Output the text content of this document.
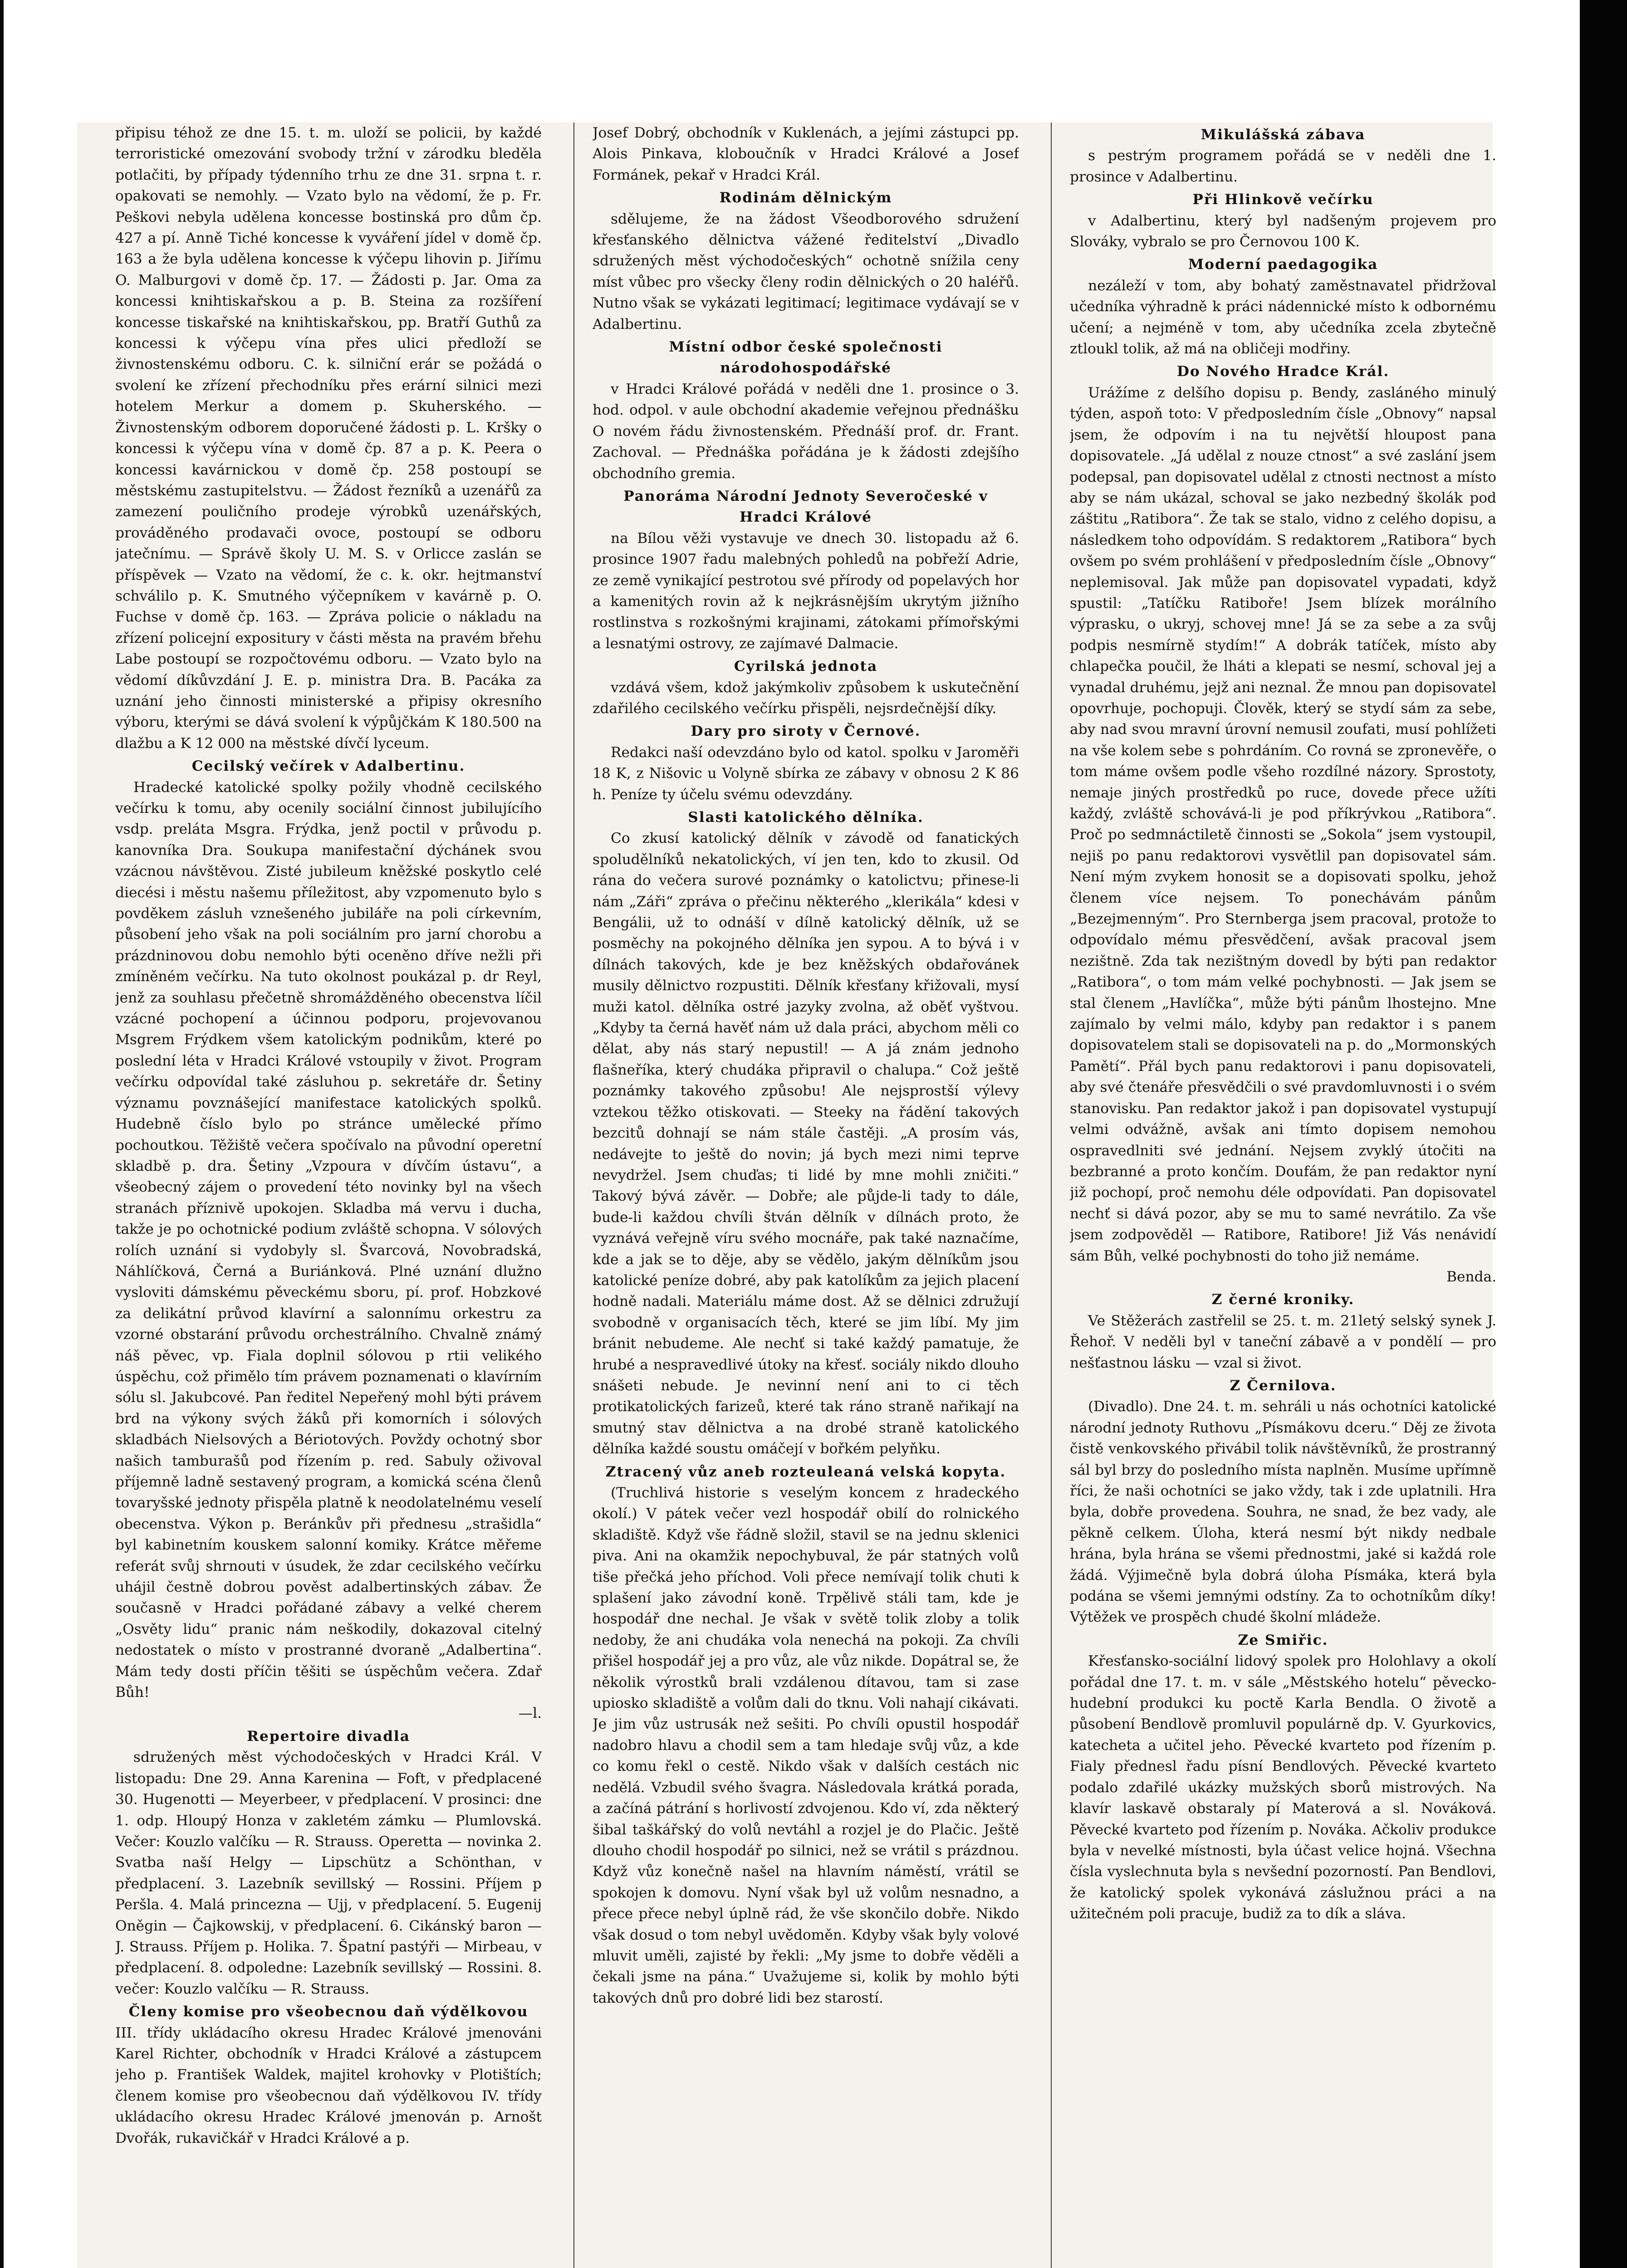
připisu téhož ze dne 15. t. m. uloží se policii, by každé terroristické omezování svobody tržní v zárodku bleděla potlačiti, by případy týdenního trhu ze dne 31. srpna t. r. opakovati se nemohly. — Vzato bylo na vědomí, že p. Fr. Peškovi nebyla udělena koncesse bostinská pro dům čp. 427 a pí. Anně Tiché koncesse k vyváření jídel v domě čp. 163 a že byla udělena koncesse k výčepu lihovin p. Jiřímu O. Malburgovi v domě čp. 17. — Žádosti p. Jar. Oma za koncessi knihtiskařskou a p. B. Steina za rozšíření koncesse tiskařské na knihtiskařskou, pp. Bratří Guthů za koncessi k výčepu vína přes ulici předloží se živnostenskému odboru. C. k. silniční erár se požádá o svolení ke zřízení přechodníku přes erární silnici mezi hotelem Merkur a domem p. Skuherského. — Živnostenským odborem doporučené žádosti p. L. Kršky o koncessi k výčepu vína v domě čp. 87 a p. K. Peera o koncessi kavárnickou v domě čp. 258 postoupí se městskému zastupitelstvu. — Žádost řezníků a uzenářů za zamezení pouličního prodeje výrobků uzenářských, prováděného prodavači ovoce, postoupí se odboru jatečnímu. — Správě školy U. M. S. v Orlicce zaslán se příspěvek — Vzato na vědomí, že c. k. okr. hejtmanství schválilo p. K. Smutného výčepníkem v kavárně p. O. Fuchse v domě čp. 163. — Zpráva policie o nákladu na zřízení policejní expositury v části města na pravém břehu Labe postoupí se rozpočtovému odboru. — Vzato bylo na vědomí díkůvzdání J. E. p. ministra Dra. B. Pacáka za uznání jeho činnosti ministerské a připisy okresního výboru, kterými se dává svolení k výpůjčkám K 180.500 na dlažbu a K 12 000 na městské dívčí lyceum.

Cecilský večírek v Adalbertinu.

Hradecké katolické spolky požily vhodně cecilského večírku k tomu, aby ocenily sociální činnost jubilujícího vsdp. preláta Msgra. Frýdka, jenž poctil v průvodu p. kanovníka Dra. Soukupa manifestační dýchánek svou vzácnou návštěvou. Zisté jubileum kněžské poskytlo celé diecési i městu našemu příležitost, aby vzpomenuto bylo s povděkem zásluh vznešeného jubiláře na poli církevním, působení jeho však na poli sociálním pro jarní chorobu a prázdninovou dobu nemohlo býti oceněno dříve nežli při zmíněném večírku. Na tuto okolnost poukázal p. dr Reyl, jenž za souhlasu přečetně shromážděného obecenstva líčil vzácné pochopení a účinnou podporu, projevovanou Msgrem Frýdkem všem katolickým podnikům, které po poslední léta v Hradci Králové vstoupily v život. Program večírku odpovídal také zásluhou p. sekretáře dr. Šetiny významu povznášející manifestace katolických spolků. Hudebně číslo bylo po stránce umělecké přímo pochoutkou. Těžiště večera spočívalo na původní operetní skladbě p. dra. Šetiny „Vzpoura v dívčím ústavu“, a všeobecný zájem o provedení této novinky byl na všech stranách příznivě upokojen. Skladba má vervu i ducha, takže je po ochotnické podium zvláště schopna. V sólových rolích uznání si vydobyly sl. Švarcová, Novobradská, Náhlíčková, Černá a Buriánková. Plné uznání dlužno vysloviti dámskému pěveckému sboru, pí. prof. Hobzkové za delikátní průvod klavírní a salonnímu orkestru za vzorné obstarání průvodu orchestrálního. Chvalně známý náš pěvec, vp. Fiala doplnil sólovou p rtii velikého úspěchu, což přimělo tím právem poznamenati o klavírním sólu sl. Jakubcové. Pan ředitel Nepeřený mohl býti právem brd na výkony svých žáků při komorních i sólových skladbách Nielsových a Bériotových. Povždy ochotný sbor našich tamburašů pod řízením p. red. Sabuly oživoval příjemně ladně sestavený program, a komická scéna členů tovaryšské jednoty přispěla platně k neodolatelnému veselí obecenstva. Výkon p. Beránkův při přednesu „strašidla“ byl kabinetním kouskem salonní komiky. Krátce měřeme referát svůj shrnouti v úsudek, že zdar cecilského večírku uhájil čestně dobrou pověst adalbertinských zábav. Že současně v Hradci pořádané zábavy a velké cherem „Osvěty lidu“ pranic nám neškodily, dokazoval citelný nedostatek o místo v prostranné dvoraně „Adalbertina“. Mám tedy dosti příčin těšiti se úspěchům večera. Zdař Bůh!

—l.

Repertoire divadla

sdružených měst východočeských v Hradci Král. V listopadu: Dne 29. Anna Karenina — Foft, v předplacené 30. Hugenotti — Meyerbeer, v předplacení. V prosinci: dne 1. odp. Hloupý Honza v zakletém zámku — Plumlovská. Večer: Kouzlo valčíku — R. Strauss. Operetta — novinka 2. Svatba naší Helgy — Lipschütz a Schönthan, v předplacení. 3. Lazebník sevillský — Rossini. Příjem p Peršla. 4. Malá princezna — Ujj, v předplacení. 5. Eugenij Oněgin — Čajkowskij, v předplacení. 6. Cikánský baron — J. Strauss. Příjem p. Holika. 7. Špatní pastýři — Mirbeau, v předplacení. 8. odpoledne: Lazebník sevillský — Rossini. 8. večer: Kouzlo valčíku — R. Strauss.

Členy komise pro všeobecnou daň výdělkovou

III. třídy ukládacího okresu Hradec Králové jmenováni Karel Richter, obchodník v Hradci Králové a zástupcem jeho p. František Waldek, majitel krohovky v Plotištích; členem komise pro všeobecnou daň výdělkovou IV. třídy ukládacího okresu Hradec Králové jmenován p. Arnošt Dvořák, rukavičkář v Hradci Králové a p.

Josef Dobrý, obchodník v Kuklenách, a jejími zástupci pp. Alois Pinkava, kloboučník v Hradci Králové a Josef Formánek, pekař v Hradci Král.

Rodinám dělnickým

sdělujeme, že na žádost Všeodborového sdružení křesťanského dělnictva vážené ředitelství „Divadlo sdružených měst východočeských“ ochotně snížila ceny míst vůbec pro všecky členy rodin dělnických o 20 haléřů. Nutno však se vykázati legitimací; legitimace vydávají se v Adalbertinu.

Místní odbor české společnosti národohospodářské

v Hradci Králové pořádá v neděli dne 1. prosince o 3. hod. odpol. v aule obchodní akademie veřejnou přednášku O novém řádu živnostenském. Přednáší prof. dr. Frant. Zachoval. — Přednáška pořádána je k žádosti zdejšího obchodního gremia.

Panoráma Národní Jednoty Severočeské v Hradci Králové

na Bílou věži vystavuje ve dnech 30. listopadu až 6. prosince 1907 řadu malebných pohledů na pobřeží Adrie, ze země vynikající pestrotou své přírody od popelavých hor a kamenitých rovin až k nejkrásnějším ukrytým jižního rostlinstva s rozkošnými krajinami, zátokami přímořskými a lesnatými ostrovy, ze zajímavé Dalmacie.

Cyrilská jednota

vzdává všem, kdož jakýmkoliv způsobem k uskutečnění zdařilého cecilského večírku přispěli, nejsrdečnější díky.

Dary pro siroty v Černové.

Redakci naší odevzdáno bylo od katol. spolku v Jaroměři 18 K, z Nišovic u Volyně sbírka ze zábavy v obnosu 2 K 86 h. Peníze ty účelu svému odevzdány.

Slasti katolického dělníka.

Co zkusí katolický dělník v závodě od fanatických spoludělníků nekatolických, ví jen ten, kdo to zkusil. Od rána do večera surové poznámky o katolictvu; přinese-li nám „Záři“ zpráva o přečinu některého „klerikála“ kdesi v Bengálii, už to odnáší v dílně katolický dělník, už se posměchy na pokojného dělníka jen sypou. A to bývá i v dílnách takových, kde je bez kněžských obdařovánek musily dělnictvo rozpustiti. Dělník křesťany křižovali, mysí muži katol. dělníka ostré jazyky zvolna, až oběť vyštvou. „Kdyby ta černá havěť nám už dala práci, abychom měli co dělat, aby nás starý nepustil! — A já znám jednoho flašneříka, který chudáka připravil o chalupa.“ Což ještě poznámky takového způsobu! Ale nejsprostší výlevy vztekou těžko otiskovati. — Steeky na řádění takových bezcitů dohnají se nám stále častěji. „A prosím vás, nedávejte to ještě do novin; já bych mezi nimi teprve nevydržel. Jsem chuďas; ti lidé by mne mohli zničiti.“ Takový bývá závěr. — Dobře; ale půjde-li tady to dále, bude-li každou chvíli štván dělník v dílnách proto, že vyznává veřejně víru svého mocnáře, pak také naznačíme, kde a jak se to děje, aby se vědělo, jakým dělníkům jsou katolické peníze dobré, aby pak katolíkům za jejich placení hodně nadali. Materiálu máme dost. Až se dělnici združují svobodně v organisacích těch, které se jim líbí. My jim bránit nebudeme. Ale nechť si také každý pamatuje, že hrubé a nespravedlivé útoky na křesť. sociály nikdo dlouho snášeti nebude. Je nevinní není ani to ci těch protikatolických farizeů, které tak ráno straně nařikají na smutný stav dělnictva a na drobé straně katolického dělníka každé soustu omáčejí v bořkém pelyňku.

Ztracený vůz aneb rozteuleaná velská kopyta.

(Truchlivá historie s veselým koncem z hradeckého okolí.) V pátek večer vezl hospodář obilí do rolnického skladiště. Když vše řádně složil, stavil se na jednu sklenici piva. Ani na okamžik nepochybuval, že pár statných volů tiše přečká jeho příchod. Voli přece nemívají tolik chuti k splašení jako závodní koně. Trpělivě stáli tam, kde je hospodář dne nechal. Je však v světě tolik zloby a tolik nedoby, že ani chudáka vola nenechá na pokoji. Za chvíli přišel hospodář jej a pro vůz, ale vůz nikde. Dopátral se, že několik výrostků brali vzdálenou dítavou, tam si zase upiosko skladiště a volům dali do tknu. Voli nahají cikávati. Je jim vůz ustrusák než sešiti. Po chvíli opustil hospodář nadobro hlavu a chodil sem a tam hledaje svůj vůz, a kde co komu řekl o cestě. Nikdo však v dalších cestách nic nedělá. Vzbudil svého švagra. Následovala krátká porada, a začíná pátrání s horlivostí zdvojenou. Kdo ví, zda některý šibal taškářský do volů nevtáhl a rozjel je do Plačic. Ještě dlouho chodil hospodář po silnici, než se vrátil s prázdnou. Když vůz konečně našel na hlavním náměstí, vrátil se spokojen k domovu. Nyní však byl už volům nesnadno, a přece přece nebyl úplně rád, že vše skončilo dobře. Nikdo však dosud o tom nebyl uvědoměn. Kdyby však byly volové mluvit uměli, zajisté by řekli: „My jsme to dobře věděli a čekali jsme na pána.“ Uvažujeme si, kolik by mohlo býti takových dnů pro dobré lidi bez starostí.

Mikulášská zábava

s pestrým programem pořádá se v neděli dne 1. prosince v Adalbertinu.

Při Hlinkově večírku

v Adalbertinu, který byl nadšeným projevem pro Slováky, vybralo se pro Černovou 100 K.

Moderní paedagogika

nezáleží v tom, aby bohatý zaměstnavatel přidržoval učedníka výhradně k práci nádennické místo k odbornému učení; a nejméně v tom, aby učedníka zcela zbytečně ztloukl tolik, až má na obličeji modřiny.

Do Nového Hradce Král.

Urážíme z delšího dopisu p. Bendy, zasláného minulý týden, aspoň toto: V předposledním čísle „Obnovy“ napsal jsem, že odpovím i na tu největší hloupost pana dopisovatele. „Já udělal z nouze ctnost“ a své zaslání jsem podepsal, pan dopisovatel udělal z ctnosti nectnost a místo aby se nám ukázal, schoval se jako nezbedný školák pod záštitu „Ratibora“. Že tak se stalo, vidno z celého dopisu, a následkem toho odpovídám. S redaktorem „Ratibora“ bych ovšem po svém prohlášení v předposledním čísle „Obnovy“ neplemisoval. Jak může pan dopisovatel vypadati, když spustil: „Tatíčku Ratiboře! Jsem blízek morálního výprasku, o ukryj, schovej mne! Já se za sebe a za svůj podpis nesmírně stydím!“ A dobrák tatíček, místo aby chlapečka poučil, že lháti a klepati se nesmí, schoval jej a vynadal druhému, jejž ani neznal. Že mnou pan dopisovatel opovrhuje, pochopuji. Člověk, který se stydí sám za sebe, aby nad svou mravní úrovní nemusil zoufati, musí pohlížeti na vše kolem sebe s pohrdáním. Co rovná se zpronevěře, o tom máme ovšem podle všeho rozdílné názory. Sprostoty, nemaje jiných prostředků po ruce, dovede přece užíti každý, zvláště schovává-li je pod příkrývkou „Ratibora“. Proč po sedmnáctiletě činnosti se „Sokola“ jsem vystoupil, nejiš po panu redaktorovi vysvětlil pan dopisovatel sám. Není mým zvykem honosit se a dopisovati spolku, jehož členem více nejsem. To ponechávám pánům „Bezejmenným“. Pro Sternberga jsem pracoval, protože to odpovídalo mému přesvědčení, avšak pracoval jsem nezištně. Zda tak nezištným dovedl by býti pan redaktor „Ratibora“, o tom mám velké pochybnosti. — Jak jsem se stal členem „Havlíčka“, může býti pánům lhostejno. Mne zajímalo by velmi málo, kdyby pan redaktor i s panem dopisovatelem stali se dopisovateli na p. do „Mormonských Pamětí“. Přál bych panu redaktorovi i panu dopisovateli, aby své čtenáře přesvědčili o své pravdomluvnosti i o svém stanovisku. Pan redaktor jakož i pan dopisovatel vystupují velmi odvážně, avšak ani tímto dopisem nemohou ospravedlniti své jednání. Nejsem zvyklý útočiti na bezbranné a proto končím. Doufám, že pan redaktor nyní již pochopí, proč nemohu déle odpovídati. Pan dopisovatel nechť si dává pozor, aby se mu to samé nevrátilo. Za vše jsem zodpověděl — Ratibore, Ratibore! Již Vás nenávidí sám Bůh, velké pochybnosti do toho již nemáme.

Benda.

Z černé kroniky.

Ve Stěžerách zastřelil se 25. t. m. 21letý selský synek J. Řehoř. V neděli byl v taneční zábavě a v pondělí — pro nešťastnou lásku — vzal si život.

Z Černilova.

(Divadlo). Dne 24. t. m. sehráli u nás ochotníci katolické národní jednoty Ruthovu „Písmákovu dceru.“ Děj ze života čistě venkovského přivábil tolik návštěvníků, že prostranný sál byl brzy do posledního místa naplněn. Musíme upřímně říci, že naši ochotníci se jako vždy, tak i zde uplatnili. Hra byla, dobře provedena. Souhra, ne snad, že bez vady, ale pěkně celkem. Úloha, která nesmí být nikdy nedbale hrána, byla hrána se všemi přednostmi, jaké si každá role žádá. Výjimečně byla dobrá úloha Písmáka, která byla podána se všemi jemnými odstíny. Za to ochotníkům díky! Výtěžek ve prospěch chudé školní mládeže.

Ze Smiřic.

Křesťansko-sociální lidový spolek pro Holohlavy a okolí pořádal dne 17. t. m. v sále „Městského hotelu“ pěvecko-hudební produkci ku poctě Karla Bendla. O životě a působení Bendlově promluvil populárně dp. V. Gyurkovics, katecheta a učitel jeho. Pěvecké kvarteto pod řízením p. Fialy přednesl řadu písní Bendlových. Pěvecké kvarteto podalo zdařilé ukázky mužských sborů mistrových. Na klavír laskavě obstaraly pí Materová a sl. Nováková. Pěvecké kvarteto pod řízením p. Nováka. Ačkoliv produkce byla v nevelké místnosti, byla účast velice hojná. Všechna čísla vyslechnuta byla s nevšední pozorností. Pan Bendlovi, že katolický spolek vykonává záslužnou práci a na užitečném poli pracuje, budiž za to dík a sláva.
